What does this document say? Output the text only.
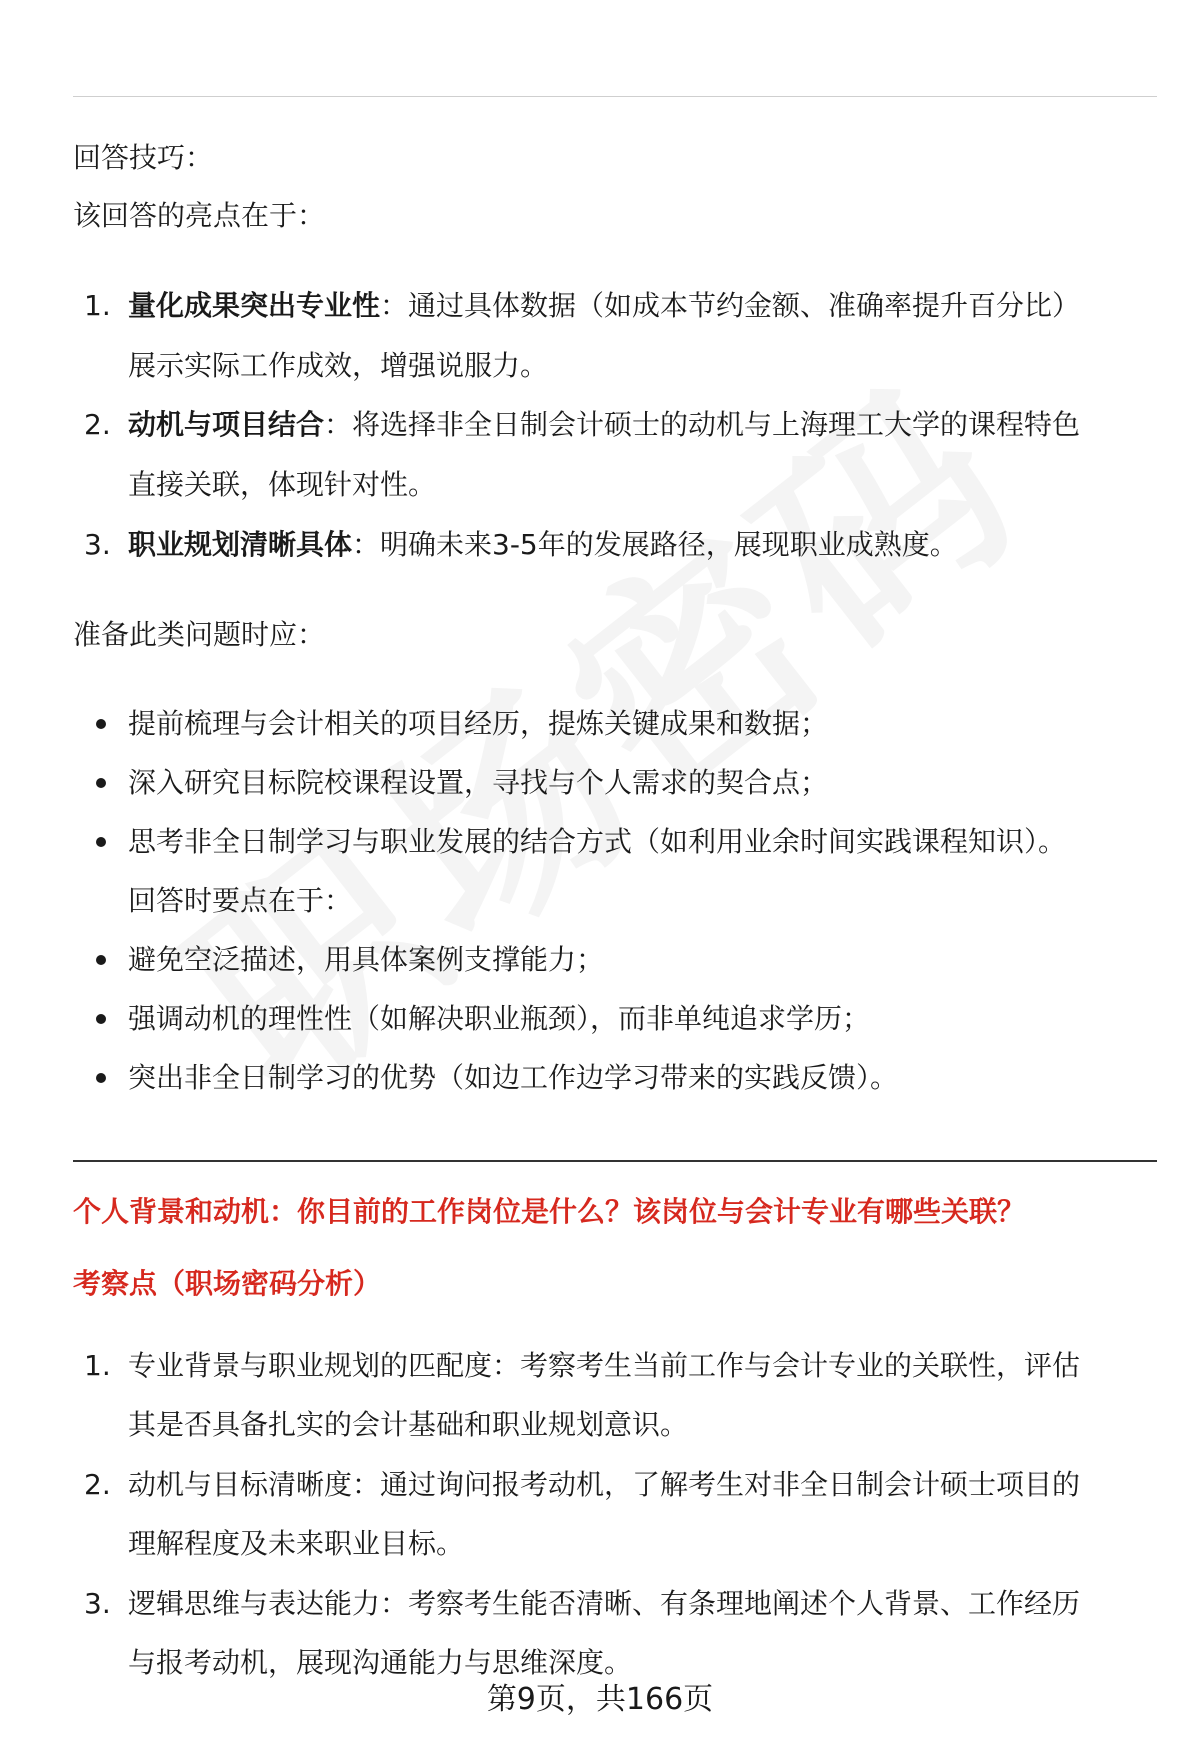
回答技巧：
该回答的亮点在于：
1. 量化成果突出专业性：通过具体数据（如成本节约金额、准确率提升百分比）
展示实际工作成效，增强说服力。
2. 动机与项目结合：将选择非全日制会计硕士的动机与上海理工大学的课程特色
直接关联，体现针对性。
3. 职业规划清晰具体：明确未来3-5年的发展路径，展现职业成熟度。
准备此类问题时应：
提前梳理与会计相关的项目经历，提炼关键成果和数据；
深入研究目标院校课程设置，寻找与个人需求的契合点；
思考非全日制学习与职业发展的结合方式（如利用业余时间实践课程知识）。
回答时要点在于：
避免空泛描述，用具体案例支撑能力；
强调动机的理性性（如解决职业瓶颈），而非单纯追求学历；
突出非全日制学习的优势（如边工作边学习带来的实践反馈）。
个人背景和动机：你目前的工作岗位是什么？该岗位与会计专业有哪些关联？
考察点（职场密码分析）
1. 专业背景与职业规划的匹配度：考察考生当前工作与会计专业的关联性，评估
其是否具备扎实的会计基础和职业规划意识。
2. 动机与目标清晰度：通过询问报考动机，了解考生对非全日制会计硕士项目的
理解程度及未来职业目标。
3. 逻辑思维与表达能力：考察考生能否清晰、有条理地阐述个人背景、工作经历
与报考动机，展现沟通能力与思维深度。
第9页，共166页
